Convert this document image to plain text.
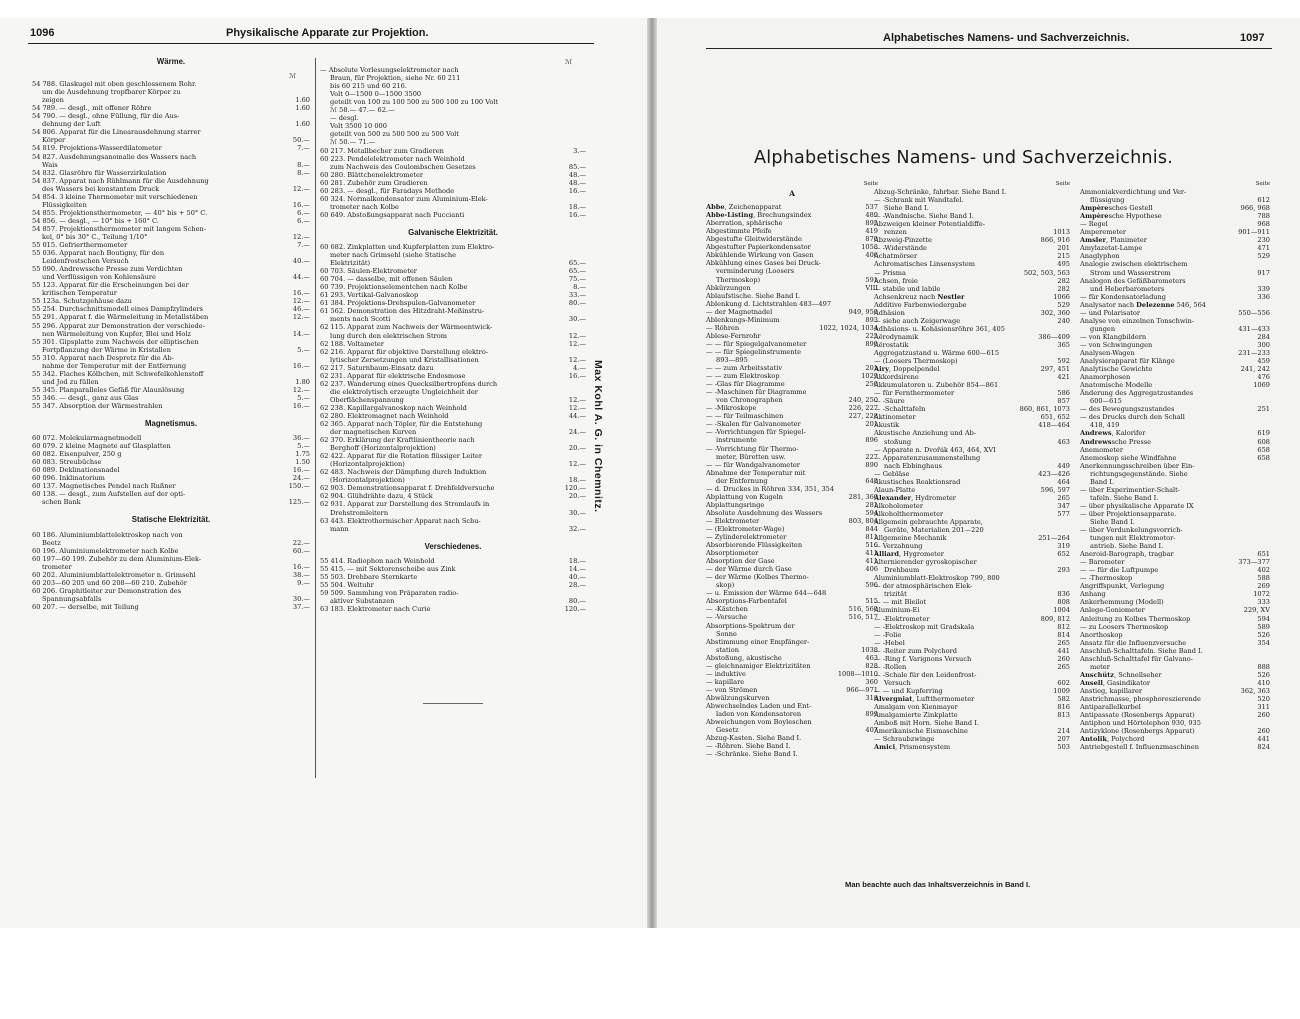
1096	Physikalische Apparate zur Projektion.	Alphabetisches Namens- und Sachverzeichnis.	1097
Wärme.
ℳ
54 788. Glaskugel mit oben geschlossenem Rohr.
um die Ausdehnung tropfbarer Körper zu
zeigen	1.60
54 789. — desgl., mit offener Röhre	1.60
54 790. — desgl., ohne Füllung, für die Aus-
dehnung der Luft	1.60
54 806. Apparat für die Linearausdehnung starrer
Körper	50.—
54 819. Projektions-Wasserdilatometer	7.—
54 827. Ausdehnungsanomalie des Wassers nach
Wais	8.—
54 832. Glasröhre für Wasserzirkulation	8.—
54 837. Apparat nach Rühlmann für die Ausdehnung
des Wassers bei konstantem Druck	12.—
54 854. 3 kleine Thermometer mit verschiedenen
Flüssigkeiten	16.—
54 855. Projektionsthermometer, — 40° bis + 50° C.	6.—
54 856. — desgl., — 10° bis + 160° C.	6.—
54 857. Projektionsthermometer mit langem Schen-
kel, 0° bis 30° C., Teilung 1/10°	12.—
55 015. Gefrierthermometer	7.—
55 036. Apparat nach Boutigny, für den
Leidenfrostschen Versuch	40.—
55 090. Andrewssche Presse zum Verdichten
und Verflüssigen von Kohlensäure	44.—
55 123. Apparat für die Erscheinungen bei der
kritischen Temperatur	16.—
55 123a. Schutzgehäuse dazu	12.—
55 254. Durchschnittsmodell eines Dampfzylinders	46.—
55 291. Apparat f. die Wärmeleitung in Metallstäben	12.—
55 296. Apparat zur Demonstration der verschiede-
nen Wärmeleitung von Kupfer, Blei und Holz	14.—
55 301. Gipsplatte zum Nachweis der elliptischen
Fortpflanzung der Wärme in Kristallen	5.—
55 310. Apparat nach Despretz für die Ab-
nahme der Temperatur mit der Entfernung	16.—
55 342. Flaches Kölbchen, mit Schwefelkohlenstoff
und Jod zu füllen	1.80
55 345. Planparalleles Gefäß für Alaunlösung	12.—
55 346. — desgl., ganz aus Glas	5.—
55 347. Absorption der Wärmestrahlen	16.—
Magnetismus.
60 072. Molekularmagnetmodell	36.—
60 079. 2 kleine Magnete auf Glasplatten	5.—
60 082. Eisenpulver, 250 g	1.75
60 083. Streubüchse	1.50
60 089. Deklinationsnadel	16.—
60 096. Inklinatorium	24.—
60 137. Magnetisches Pendel nach Rußner	150.—
60 138. — desgl., zum Aufstellen auf der opti-
schen Bank	125.—
Statische Elektrizität.
60 186. Aluminiumblattelektroskop nach von
Beetz	22.—
60 196. Aluminiumelektrometer nach Kolbe	60.—
60 197—60 199. Zubehör zu dem Aluminium-Elek-
trometer	16.—
60 202. Aluminiumblattelektrometer n. Grimsehl	38.—
60 203—60 205 und 60 208—60 210. Zubehör	9.—
60 206. Graphitleiter zur Demonstration des
Spannungsabfalls	30.—
60 207. — derselbe, mit Teilung	37.—
ℳ
— Absolute Vorlesungselektrometer nach
Braun, für Projektion, siehe Nr. 60 211
bis 60 215 und 60 216.
Volt 0—1500 0—1500 3500
geteilt von 100 zu 100 500 zu 500 100 zu 100 Volt
ℳ 58.— 47.— 62.—
— desgl.
Volt 3500 10 000
geteilt von 500 zu 500 500 zu 500 Volt
ℳ 50.— 71.—
60 217. Metallbecher zum Gradieren	3.—
60 223. Pendelelektrometer nach Weinhold
zum Nachweis des Coulombschen Gesetzes	85.—
60 280. Blättchenelektrometer	48.—
60 281. Zubehör zum Gradieren	48.—
60 283. — desgl., für Faradays Methode	16.—
60 324. Normalkondensator zum Aluminium-Elek-
trometer nach Kolbe	18.—
60 649. Abstoßungsapparat nach Puccianti	16.—
Galvanische Elektrizität.
60 682. Zinkplatten und Kupferplatten zum Elektro-
meter nach Grimsehl (siehe Statische
Elektrizität)	65.—
60 703. Säulen-Elektrometer	65.—
60 704. — dasselbe, mit offenen Säulen	75.—
60 739. Projektionselementchen nach Kolbe	8.—
61 293. Vertikal-Galvanoskop	33.—
61 384. Projektions-Drehspulen-Galvanometer	80.—
61 562. Demonstration des Hitzdraht-Meßinstru-
ments nach Scotti	30.—
62 115. Apparat zum Nachweis der Wärmeentwick-
lung durch den elektrischen Strom	12.—
62 188. Voltameter	12.—
62 216. Apparat für objektive Darstellung elektro-
lytischer Zersetzungen und Kristallisationen	12.—
62 217. Saturnbaum-Einsatz dazu	4.—
62 231. Apparat für elektrische Endosmose	16.—
62 237. Wanderung eines Quecksilbertropfens durch
die elektrolytisch erzeugte Ungleichheit der
Oberflächenspannung	12.—
62 238. Kapillargalvanoskop nach Weinhold	12.—
62 280. Elektromagnet nach Weinhold	44.—
62 365. Apparat nach Töpler, für die Entstehung
der magnetischen Kurven	24.—
62 370. Erklärung der Kraftlinientheorie nach
Berghoff (Horizontalprojektion)	20.—
62 422. Apparat für die Rotation flüssiger Leiter
(Horizontalprojektion)	12.—
62 483. Nachweis der Dämpfung durch Induktion
(Horizontalprojektion)	18.—
62 903. Demonstrationsapparat f. Drehfeldversuche	120.—
62 904. Glühdrähte dazu, 4 Stück	20.—
62 931. Apparat zur Darstellung des Stromlaufs in
Drehstromleitern	30.—
63 443. Elektrothermischer Apparat nach Schu-
mann	32.—
Verschiedenes.
55 414. Radiophon nach Weinhold	18.—
55 415. — mit Sektorenscheibe aus Zink	14.—
55 503. Drehbare Sternkarte	40.—
55 504. Weltuhr	28.—
59 509. Sammlung von Präparaten radio-
aktiver Substanzen	80.—
63 183. Elektrometer nach Curie	120.—
Max Kohl A. G. in Chemnitz.
Alphabetisches Namens- und Sachverzeichnis.
Seite
A
Abbe, Zeichenapparat	537
Abbe-Listing, Brechungsindex	489
Aberration, sphärische	895
Abgestimmte Pfeife	419
Abgestufte Gleitwiderstände	870
Abgestufter Papierkondensator	1058
Abkühlende Wirkung von Gasen	406
Abkühlung eines Gases bei Druck-
verminderung (Loosers
Thermoskop)	591
Abkürzungen	VIII
Ablaufstische. Siehe Band I.
Ablenkung d. Lichtstrahlen 483—497
— der Magnetnadel	949, 950
Ablenkungs-Minimum	893
— Röhren	1022, 1024, 1034
Ablese-Fernrohr	225
— — für Spiegelgalvanometer	890
— — für Spiegelinstrumente
893—895
— — zum Arbeitsstativ	201
— — zum Elektroskop	1029
— -Glas für Diagramme	250
— -Maschinen für Diagramme
von Chronographen	240, 250
— -Mikroskope	226, 227
— — für Teilmaschinen	227, 228
— -Skalen für Galvanometer	201
— -Vorrichtungen für Spiegel-
instrumente	896
— -Vorrichtung für Thermo-
meter, Büretten usw.	227
— — für Wandgalvanometer	890
Abnahme der Temperatur mit
der Entfernung	640
— d. Druckes in Röhren 334, 351, 354
Abplattung von Kugeln	281, 360
Abplattungsringe	281
Absolute Ausdehnung des Wassers	594
— Elektrometer	803, 804
— (Elektrometer-Wage)	844
— Zylinderelektrometer	811
Absorbierende Flüssigkeiten	516
Absorptiometer	411
Absorption der Gase	411
— der Wärme durch Gase	406
— der Wärme (Kolbes Thermo-
skop)	596
— u. Emission der Wärme 644—648
Absorptions-Farbentafel	515
— -Kästchen	516, 560
— -Versuche	516, 517
Absorptions-Spektrum der
Sonne
Abstimmung einer Empfänger-
station	1038
Abstoßung, akustische	463
— gleichnamiger Elektrizitäten	828
— induktive	1008—1010
— kapillare	360
— von Strömen	966—971
Abwälzungskurven	318
Abwechselndes Laden und Ent-
laden von Kondensatoren	899
Abweichungen vom Boyleschen
Gesetz	407
Abzug-Kasten. Siehe Band I.
— -Röhren. Siehe Band I.
— -Schränke. Siehe Band I.
Seite
Abzug-Schränke, fahrbar. Siehe Band I.
— -Schrank mit Wandtafel.
Siehe Band I.
— -Wandnische. Siehe Band I.
Abzweigen kleiner Potentialdiffe-
renzen	1013
Abzweig-Pinzette	866, 916
— -Widerstände	201
Achatmörser	215
Achromatisches Linsensystem	495
— Prisma	502, 503, 563
Achsen, freie	282
— stabile und labile	282
Achsenkreuz nach Nestler	1066
Additive Farbenwiedergabe	529
Adhäsion	302, 360
— siehe auch Zeigerwage	240
Adhäsions- u. Kohäsionsröhre 361, 405
Aërodynamik	386—409
Aërostatik	365
Aggregatzustand u. Wärme 600—615
— (Loosers Thermoskop)	592
Airy, Doppelpendel	297, 451
Akkordsirene	421
Akkumulatoren u. Zubehör 854—861
— für Fernthermometer	586
— -Säure	857
— -Schalttafeln	860, 861, 1073
Aktinometer	651, 652
Akustik	418—464
Akustische Anziehung und Ab-
stoßung	463
— Apparate n. Dvořák 463, 464, XVI
— Apparatenzusammenstellung
nach Ebbinghaus	449
— Gebläse	423—426
Akustisches Reaktionsrad	464
Alaun-Platte	596, 597
Alexander, Hydrometer	265
Alkoholometer	347
Alkoholthermometer	577
Allgemein gebrauchte Apparate,
Geräte, Materialien 201—220
Allgemeine Mechanik	251—264
— Verzahnung	319
Alliard, Hygrometer	652
Alternierender gyroskopischer
Drehbaum	293
Aluminiumblatt-Elektroskop 799, 800
— der atmosphärischen Elek-
trizität	836
— — mit Bleilot	808
Aluminium-Ei	1004
— -Elektrometer	809, 812
— -Elektroskop mit Gradskala	812
— -Folie	814
— -Hebel	265
— -Reiter zum Polychord	441
— -Ring f. Varignons Versuch	260
— -Rollen	265
— -Schale für den Leidenfrost-
Versuch	602
— — und Kupferring	1009
Alvergniat, Luftthermometer	582
Amalgam von Kienmayer	816
Amalgamierte Zinkplatte	813
Amboß mit Horn. Siehe Band I.
Amerikanische Eismaschine	214
— Schraubzwinge	207
Amici, Prismensystem	503
Seite
Ammoniakverdichtung und Ver-
flüssigung	612
Ampèresches Gestell	966, 968
Ampèresche Hypothese	788
— Regel	968
Amperemeter	901—911
Amsler, Planimeter	230
Amylazetat-Lampe	471
Anaglyphon	529
Analogie zwischen elektrischem
Strom und Wasserstrom	917
Analogon des Gefäßbarometers
und Heberbarometers	339
— für Kondensatorladung	336
Analysator nach Delezenne 546, 564
— und Polarisator	550—556
Analyse von einzelnen Tonschwin-
gungen	431—433
— von Klangbildern	284
— von Schwingungen	300
Analysen-Wagen	231—233
Analysierapparat für Klänge	459
Analytische Gewichte	241, 242
Anamorphosen	476
Anatomische Modelle	1069
Änderung des Aggregatzustandes
600—615
— des Bewegungszustandes	251
— des Drucks durch den Schall
418, 419
Andrews, Kalorifer	619
Andrewssche Presse	608
Anemometer	658
Anemoskop siehe Windfahne	658
Anerkennungsschreiben über Ein-
richtungsgegenstände. Siehe
Band I.
— über Experimentier-Schalt-
tafeln. Siehe Band I.
— über physikalische Apparate IX
— über Projektionsapparate.
Siehe Band I.
— über Verdunkelungsvorrich-
tungen mit Elektromotor-
antrieb. Siehe Band I.
Aneroid-Barograph, tragbar	651
— Barometer	373—377
— — für die Luftpumpe	402
— -Thermoskop	588
Angriffspunkt, Verlegung	269
Anhang	1072
Ankerhemmung (Modell)	333
Anlege-Goniometer	229, XV
Anleitung zu Kolbes Thermoskop	594
— zu Loosers Thermoskop	589
Anorthoskop	526
Ansatz für die Influenzversuche	354
Anschluß-Schalttafeln. Siehe Band I.
Anschluß-Schalttafel für Galvano-
meter	888
Anschütz, Schnellseher	526
Ansell, Gasindikator	410
Anstieg, kapillarer	362, 363
Anstrichmasse, phosphoreszierende	520
Antiparallelkurbel	311
Antipassate (Rosenbergs Apparat)	260
Antiphon und Hörtelephon 930, 935
Antizyklone (Rosenbergs Apparat)	260
Antolik, Polychord	441
Antriebgestell f. Influenzmaschinen	824
Man beachte auch das Inhaltsverzeichnis in Band I.
